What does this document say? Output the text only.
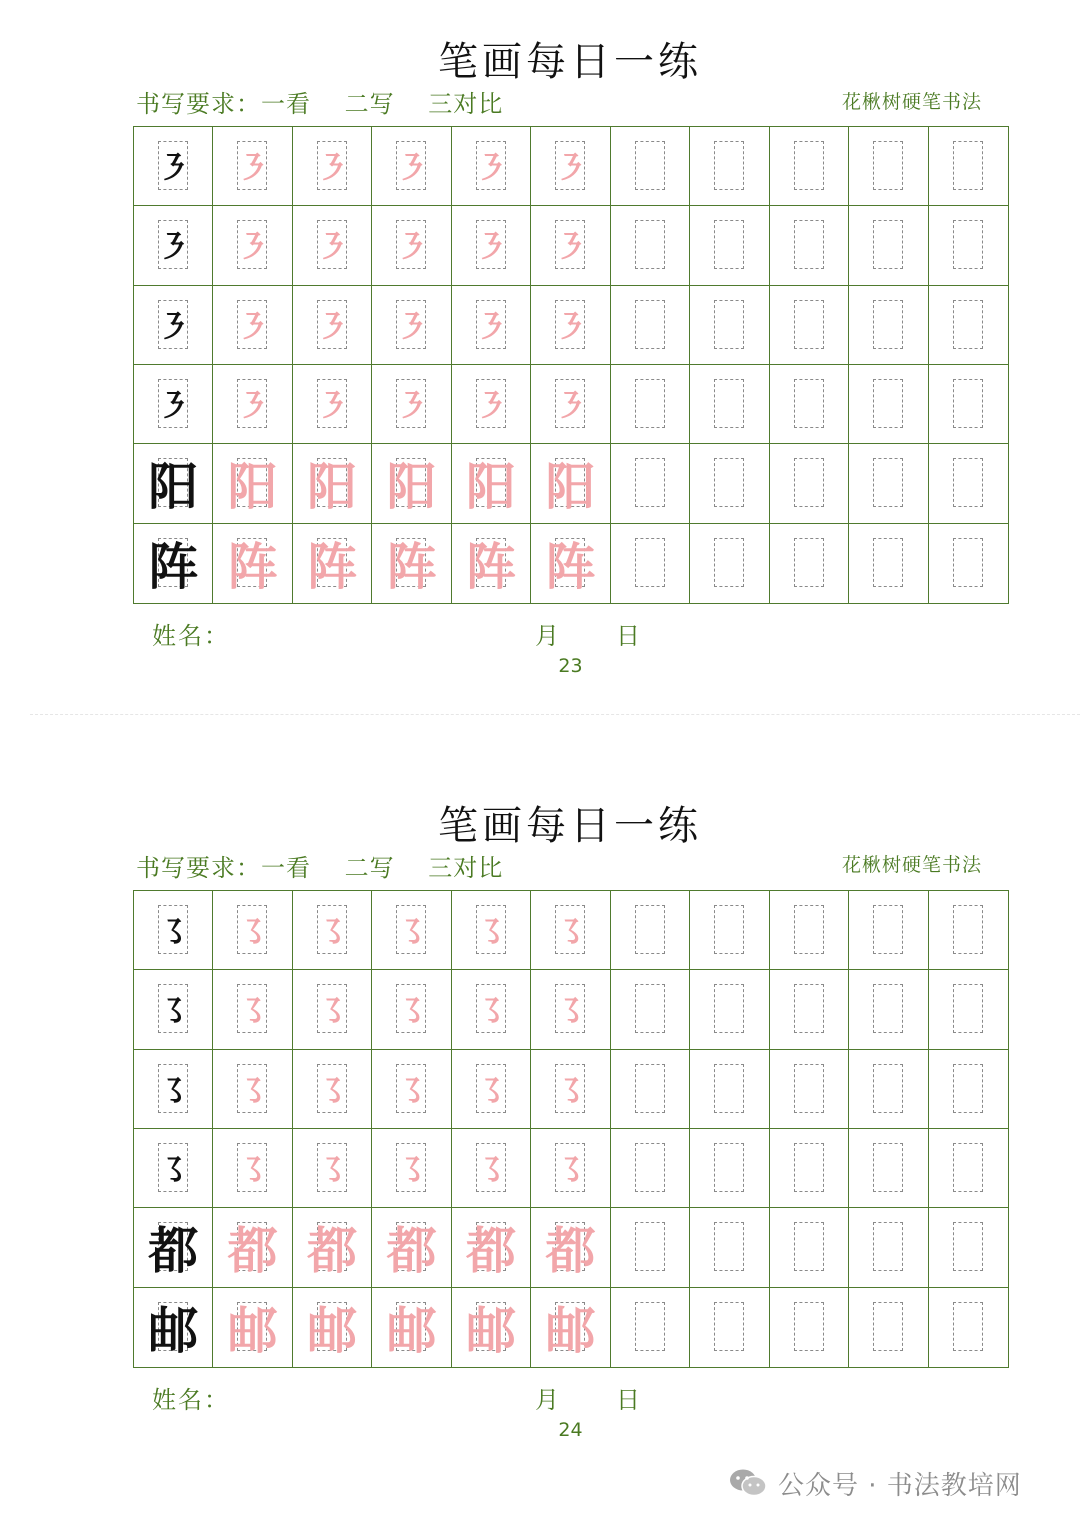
笔画每日一练
书写要求：一看　 二写　 三对比	花楸树硬笔书法
㇋	㇋	㇋	㇋	㇋	㇋
㇋	㇋	㇋	㇋	㇋	㇋
㇋	㇋	㇋	㇋	㇋	㇋
㇋	㇋	㇋	㇋	㇋	㇋
阳 阳 阳 阳 阳 阳
阵 阵 阵 阵 阵 阵
姓名：	月 日
23
笔画每日一练
书写要求：一看　 二写　 三对比	花楸树硬笔书法
㇌	㇌	㇌	㇌	㇌	㇌
㇌	㇌	㇌	㇌	㇌	㇌
㇌	㇌	㇌	㇌	㇌	㇌
㇌	㇌	㇌	㇌	㇌	㇌
都 都 都 都 都 都
邮 邮 邮 邮 邮 邮
姓名：	月 日
24
公众号 · 书法教培网
